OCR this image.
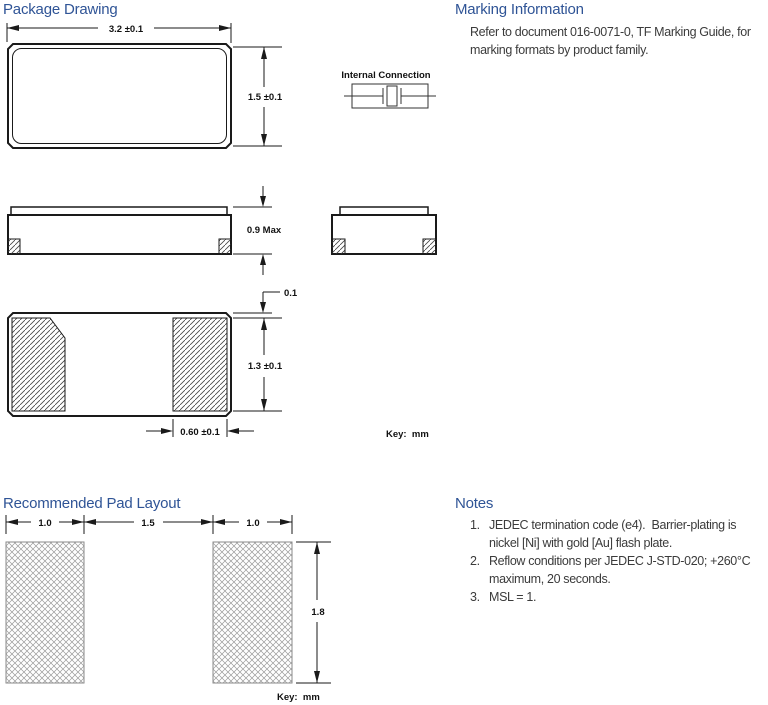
Package Drawing	Marking Information
Recommended Pad Layout	Notes
Refer to document 016-0071-0, TF Marking Guide, for marking formats by product family.
1. JEDEC termination code (e4).  Barrier-plating is nickel [Ni] with gold [Au] flash plate.
2. Reflow conditions per JEDEC J-STD-020; +260°C maximum, 20 seconds.
3. MSL = 1.
3.2 ±0.1
1.5 ±0.1
Internal Connection
0.9 Max
0.1
1.3 ±0.1
0.60 ±0.1	Key:  mm
1.0	1.5	1.0
1.8
Key:  mm
